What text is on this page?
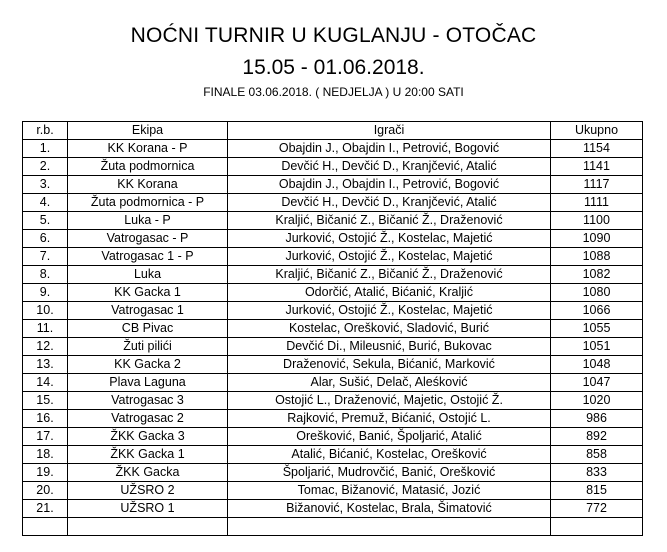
NOĆNI TURNIR U KUGLANJU - OTOČAC
15.05 - 01.06.2018.
FINALE 03.06.2018. ( NEDJELJA ) U 20:00 SATI
r.b.	Ekipa	Igrači	Ukupno
1.	KK Korana - P	Obajdin J., Obajdin I., Petrović, Bogović	1154
2.	Žuta podmornica	Devčić H., Devčić D., Kranjčević, Atalić	1141
3.	KK Korana	Obajdin J., Obajdin I., Petrović, Bogović	1117
4.	Žuta podmornica - P	Devčić H., Devčić D., Kranjčević, Atalić	1111
5.	Luka - P	Kraljić, Bičanić Z., Bičanić Ž., Draženović	1100
6.	Vatrogasac - P	Jurković, Ostojić Ž., Kostelac, Majetić	1090
7.	Vatrogasac 1 - P	Jurković, Ostojić Ž., Kostelac, Majetić	1088
8.	Luka	Kraljić, Bičanić Z., Bičanić Ž., Draženović	1082
9.	KK Gacka 1	Odorčić, Atalić, Bićanić, Kraljić	1080
10.	Vatrogasac 1	Jurković, Ostojić Ž., Kostelac, Majetić	1066
11.	CB Pivac	Kostelac, Orešković, Sladović, Burić	1055
12.	Žuti pilići	Devčić Di., Mileusnić, Burić, Bukovac	1051
13.	KK Gacka 2	Draženović, Sekula, Bićanić, Marković	1048
14.	Plava Laguna	Alar, Sušić, Delač, Aleśković	1047
15.	Vatrogasac 3	Ostojić L., Draženović, Majetic, Ostojić Ž.	1020
16.	Vatrogasac 2	Rajković, Premuž, Bićanić, Ostojić L.	986
17.	ŽKK Gacka 3	Orešković, Banić, Špoljarić, Atalić	892
18.	ŽKK Gacka 1	Atalić, Bićanić, Kostelac, Orešković	858
19.	ŽKK Gacka	Špoljarić, Mudrovčić, Banić, Orešković	833
20.	UŽSRO 2	Tomac, Bižanović, Matasić, Jozić	815
21.	UŽSRO 1	Bižanović, Kostelac, Brala, Šimatović	772
